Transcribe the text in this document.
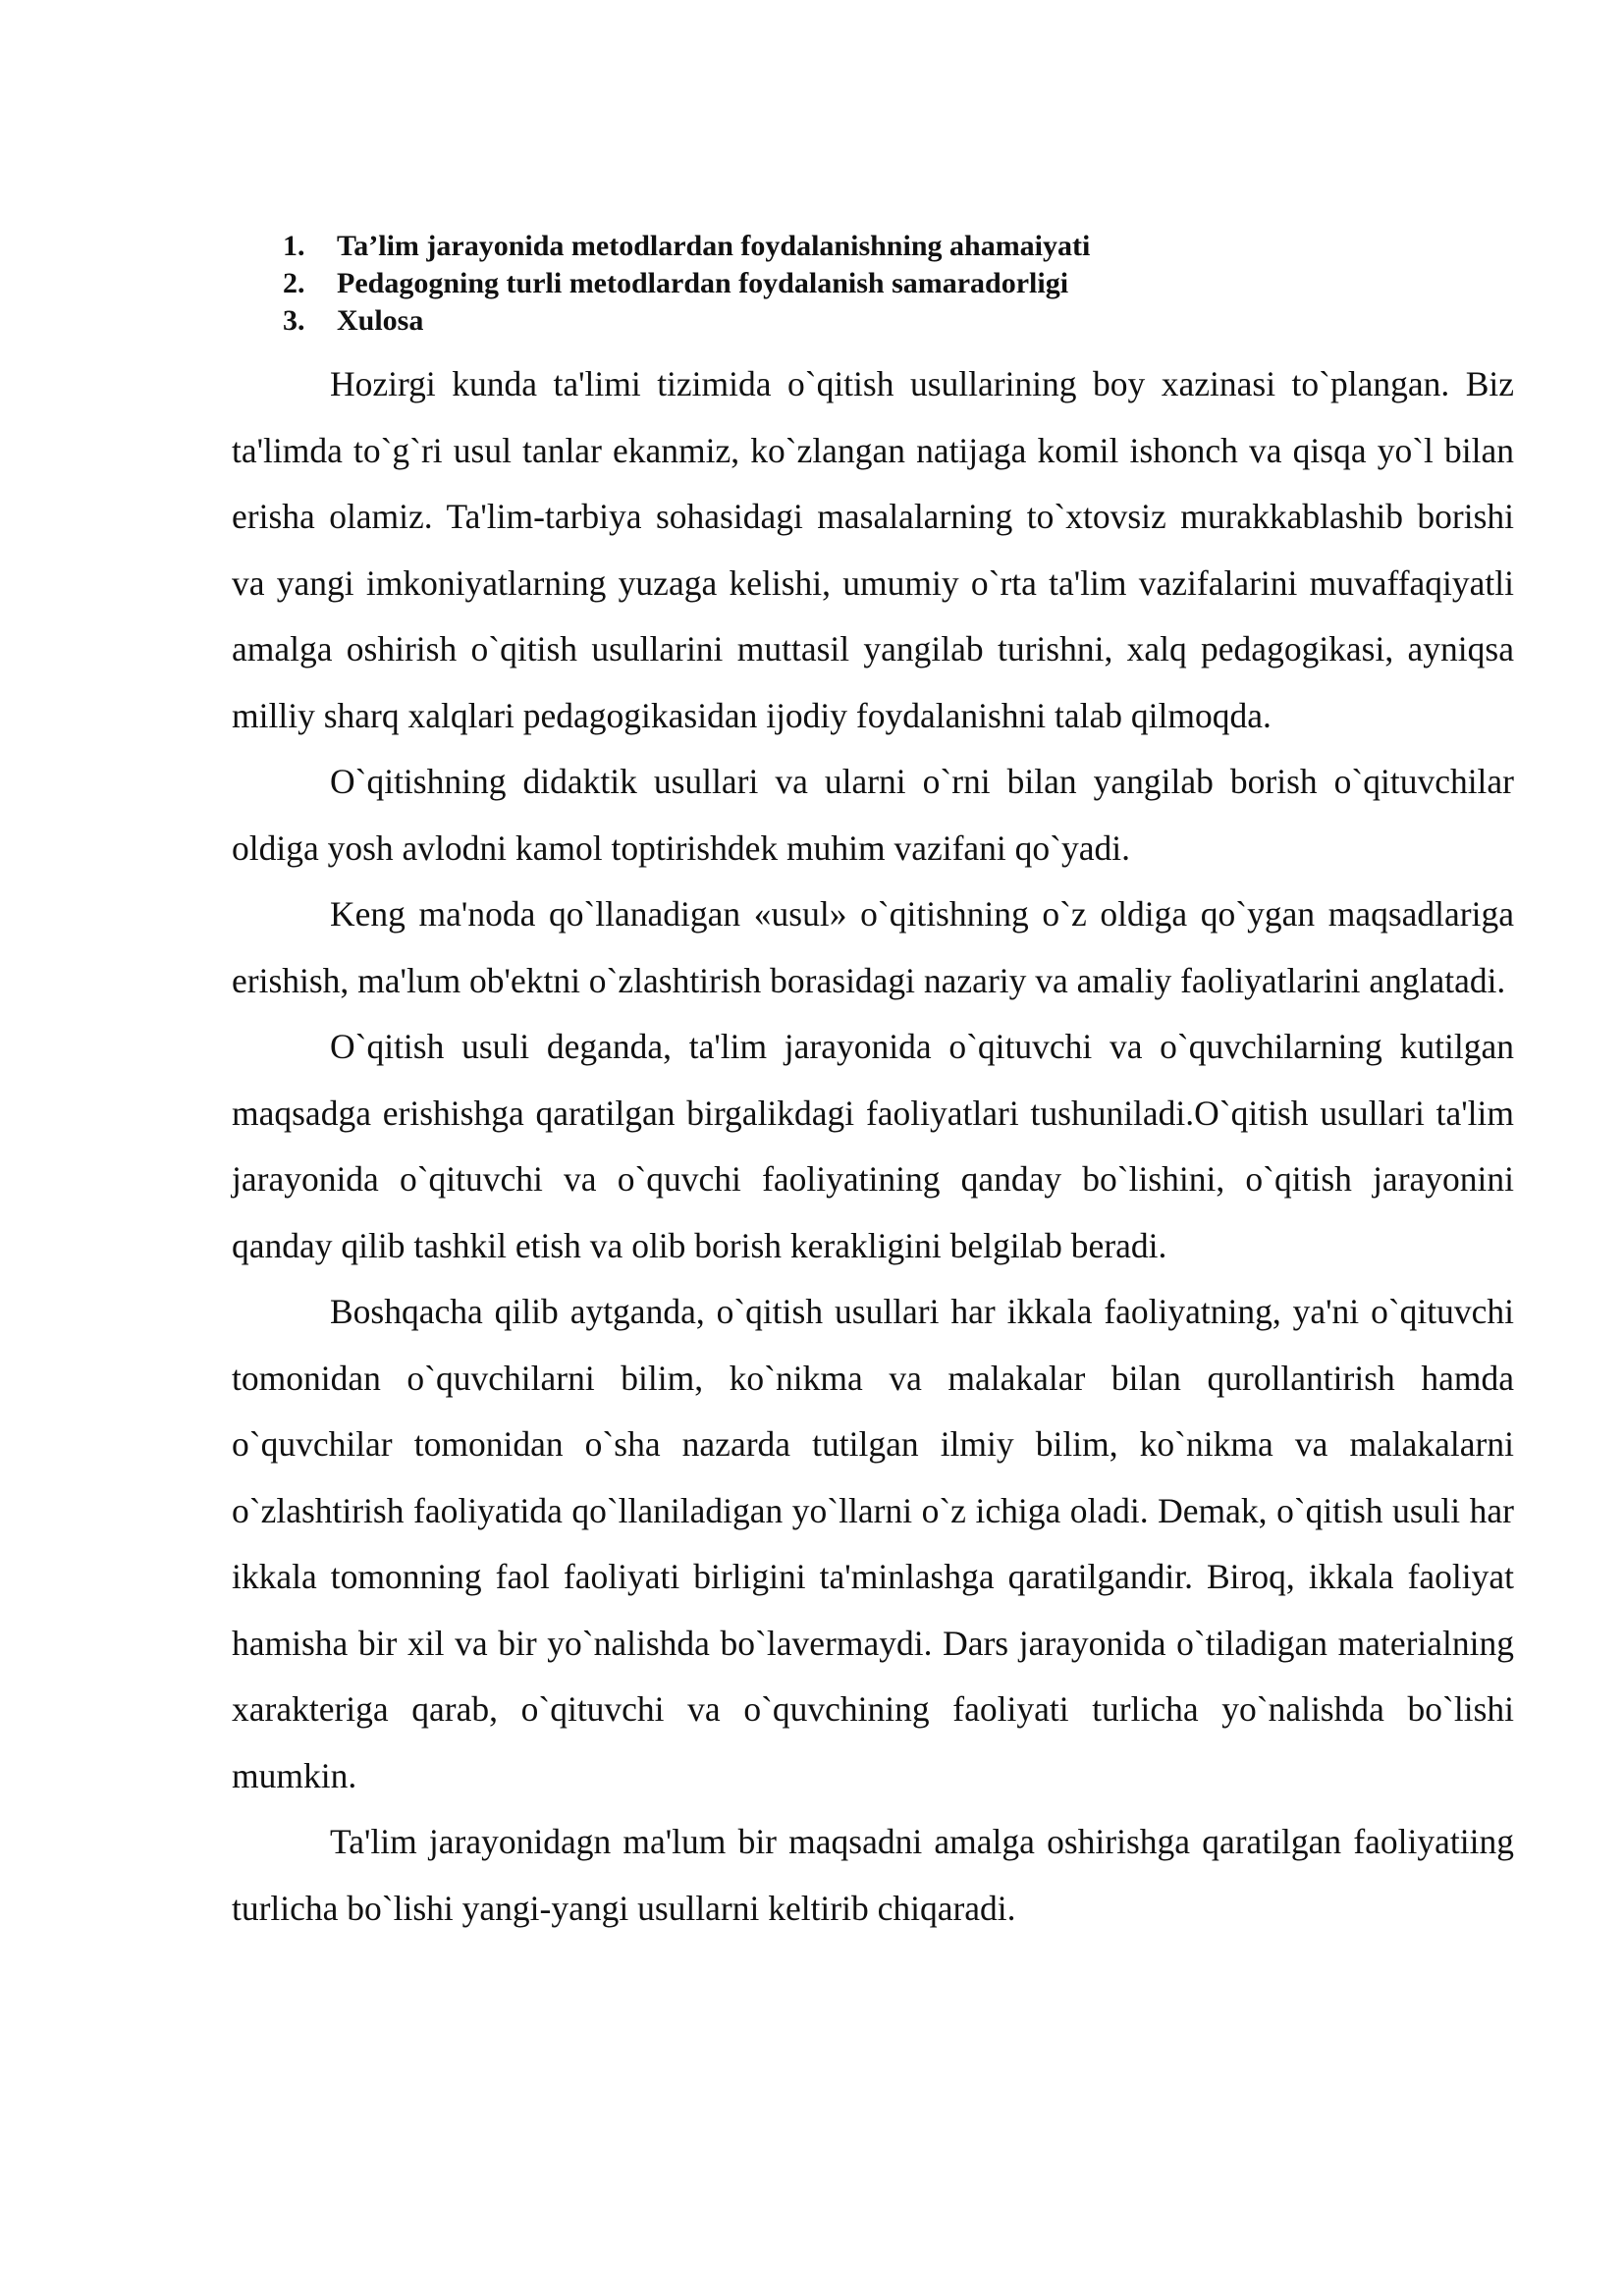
1.	Ta’lim jarayonida metodlardan foydalanishning ahamaiyati
2.	Pedagogning turli metodlardan foydalanish samaradorligi
3.	Xulosa

Hozirgi kunda ta'limi tizimida o`qitish usullarining boy xazinasi to`plangan. Biz ta'limda to`g`ri usul tanlar ekanmiz, ko`zlangan natijaga komil ishonch va qisqa yo`l bilan erisha olamiz. Ta'lim-tarbiya sohasidagi masalalarning to`xtovsiz murakkablashib borishi va yangi imkoniyatlarning yuzaga kelishi, umumiy o`rta ta'lim vazifalarini muvaffaqiyatli amalga oshirish o`qitish usullarini muttasil yangilab turishni, xalq pedagogikasi, ayniqsa milliy sharq xalqlari pedagogikasidan ijodiy foydalanishni talab qilmoqda.

O`qitishning didaktik usullari va ularni o`rni bilan yangilab borish o`qituvchilar oldiga yosh avlodni kamol toptirishdek muhim vazifani qo`yadi.

Keng ma'noda qo`llanadigan «usul» o`qitishning o`z oldiga qo`ygan maqsadlariga erishish, ma'lum ob'ektni o`zlashtirish borasidagi nazariy va amaliy faoliyatlarini anglatadi.

O`qitish usuli deganda, ta'lim jarayonida o`qituvchi va o`quvchilarning kutilgan maqsadga erishishga qaratilgan birgalikdagi faoliyatlari tushuniladi.O`qitish usullari ta'lim jarayonida o`qituvchi va o`quvchi faoliyatining qanday bo`lishini, o`qitish jarayonini qanday qilib tashkil etish va olib borish kerakligini belgilab beradi.

Boshqacha qilib aytganda, o`qitish usullari har ikkala faoliyatning, ya'ni o`qituvchi tomonidan o`quvchilarni bilim, ko`nikma va malakalar bilan qurollantirish hamda o`quvchilar tomonidan o`sha nazarda tutilgan ilmiy bilim, ko`nikma va malakalarni o`zlashtirish faoliyatida qo`llaniladigan yo`llarni o`z ichiga oladi. Demak, o`qitish usuli har ikkala tomonning faol faoliyati birligini ta'minlashga qaratilgandir. Biroq, ikkala faoliyat hamisha bir xil va bir yo`nalishda bo`lavermaydi. Dars jarayonida o`tiladigan materialning xarakteriga qarab, o`qituvchi va o`quvchining faoliyati turlicha yo`nalishda bo`lishi mumkin.

Ta'lim jarayonidagn ma'lum bir maqsadni amalga oshirishga qaratilgan faoliyatiing turlicha bo`lishi yangi-yangi usullarni keltirib chiqaradi.
